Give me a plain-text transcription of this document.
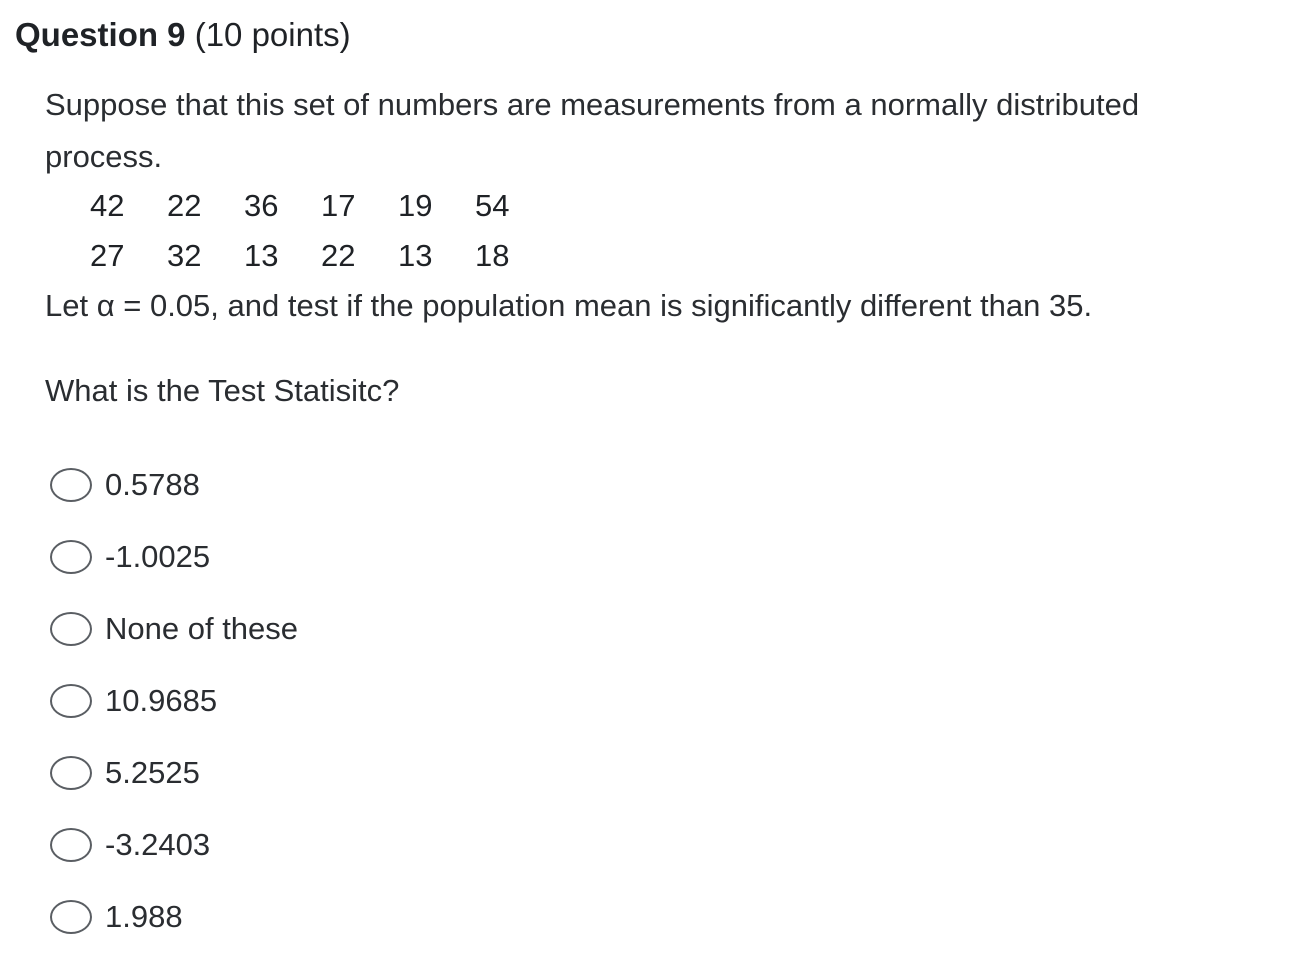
Question 9 (10 points)
Suppose that this set of numbers are measurements from a normally distributed
process.
42 22 36 17 19 54
27 32 13 22 13 18
Let α = 0.05, and test if the population mean is significantly different than 35.
What is the Test Statisitc?
0.5788
-1.0025
None of these
10.9685
5.2525
-3.2403
1.988
